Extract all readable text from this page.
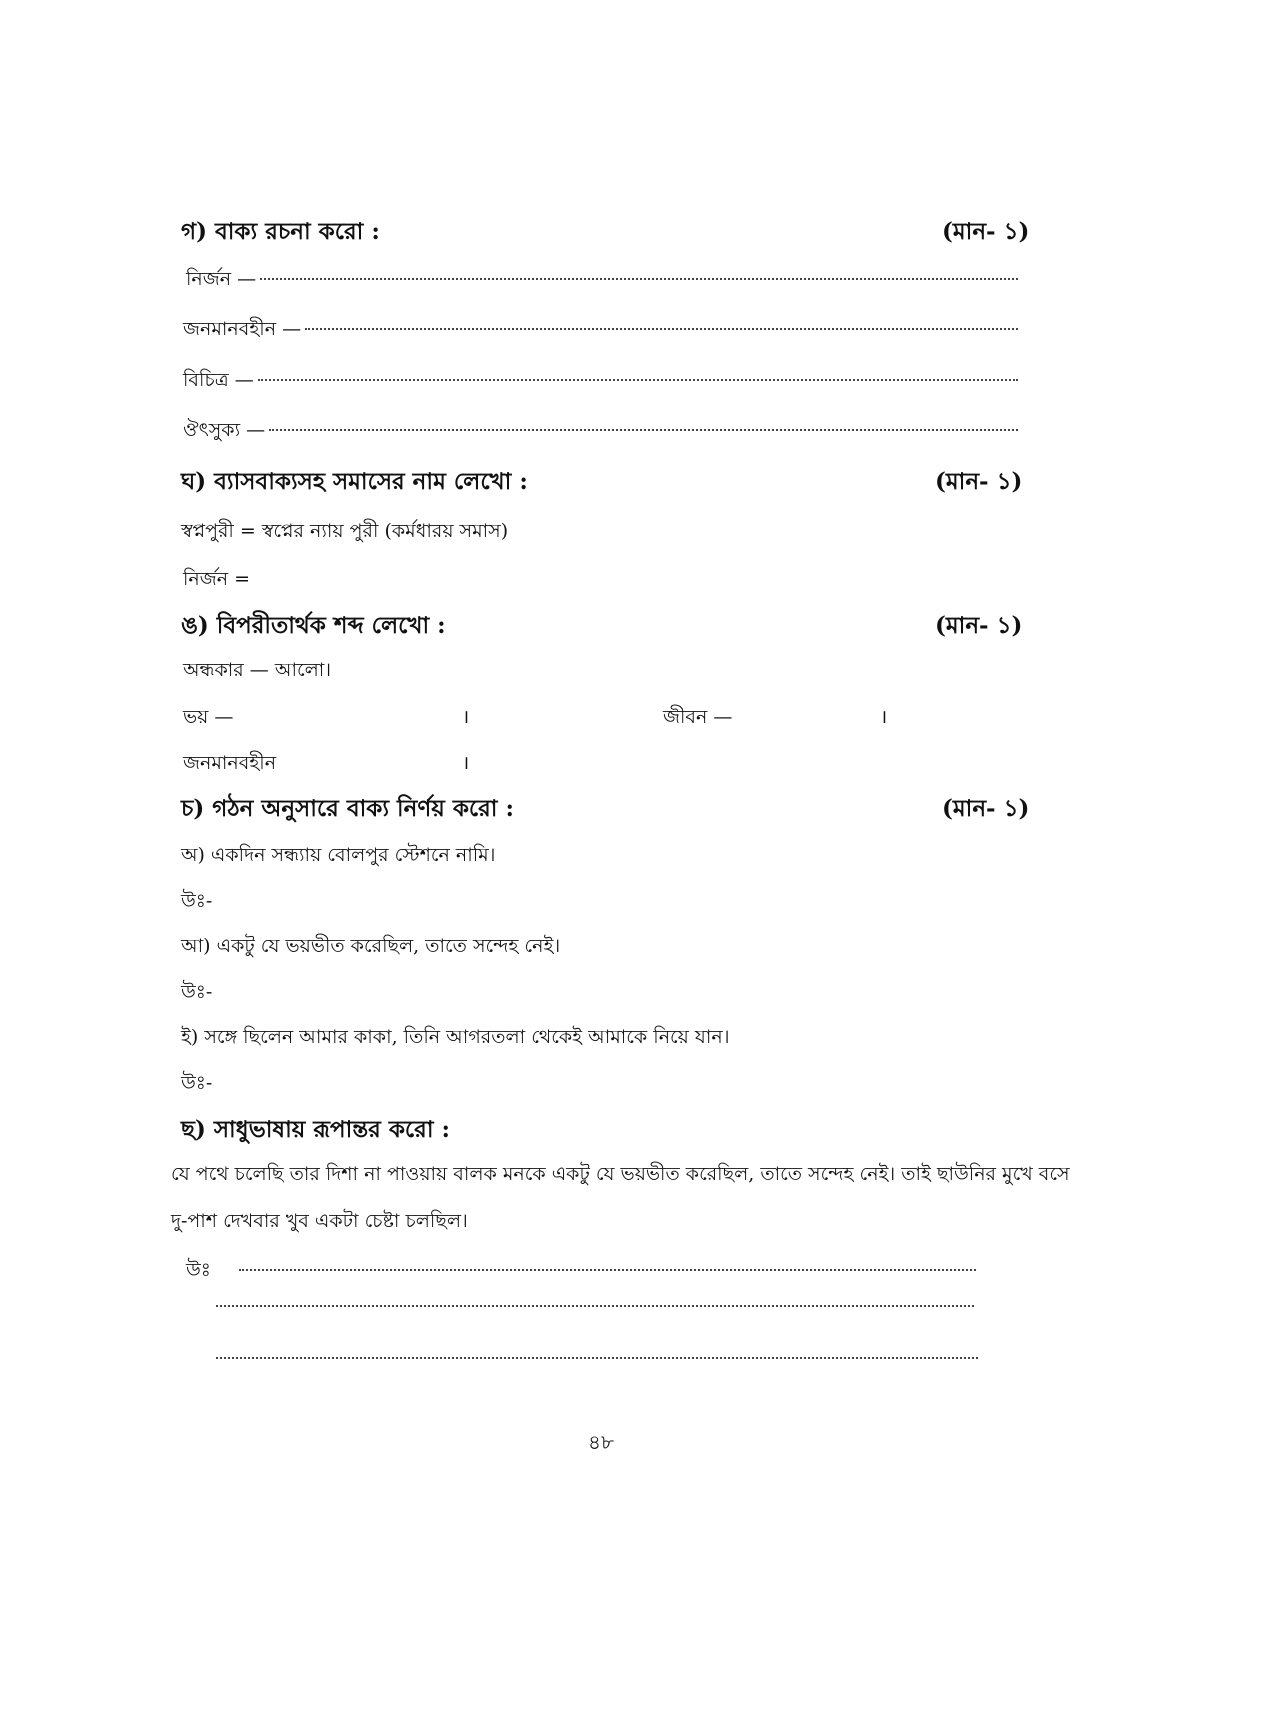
গ) বাক্য রচনা করো :	(মান- ১)
নির্জন —
জনমানবহীন —
বিচিত্র —
ঔৎসুক্য —
ঘ) ব্যাসবাক্যসহ সমাসের নাম লেখো :	(মান- ১)
স্বপ্নপুরী = স্বপ্নের ন্যায় পুরী (কর্মধারয় সমাস)
নির্জন =
ঙ) বিপরীতার্থক শব্দ লেখো :	(মান- ১)
অন্ধকার — আলো।
ভয় —	।	জীবন —	।
জনমানবহীন	।
চ) গঠন অনুসারে বাক্য নির্ণয় করো :	(মান- ১)
অ) একদিন সন্ধ্যায় বোলপুর স্টেশনে নামি।
উঃ-
আ) একটু যে ভয়ভীত করেছিল, তাতে সন্দেহ নেই।
উঃ-
ই) সঙ্গে ছিলেন আমার কাকা, তিনি আগরতলা থেকেই আমাকে নিয়ে যান।
উঃ-
ছ) সাধুভাষায় রূপান্তর করো :
যে পথে চলেছি তার দিশা না পাওয়ায় বালক মনকে একটু যে ভয়ভীত করেছিল, তাতে সন্দেহ নেই। তাই ছাউনির মুখে বসে
দু-পাশ দেখবার খুব একটা চেষ্টা চলছিল।
উঃ
৪৮
